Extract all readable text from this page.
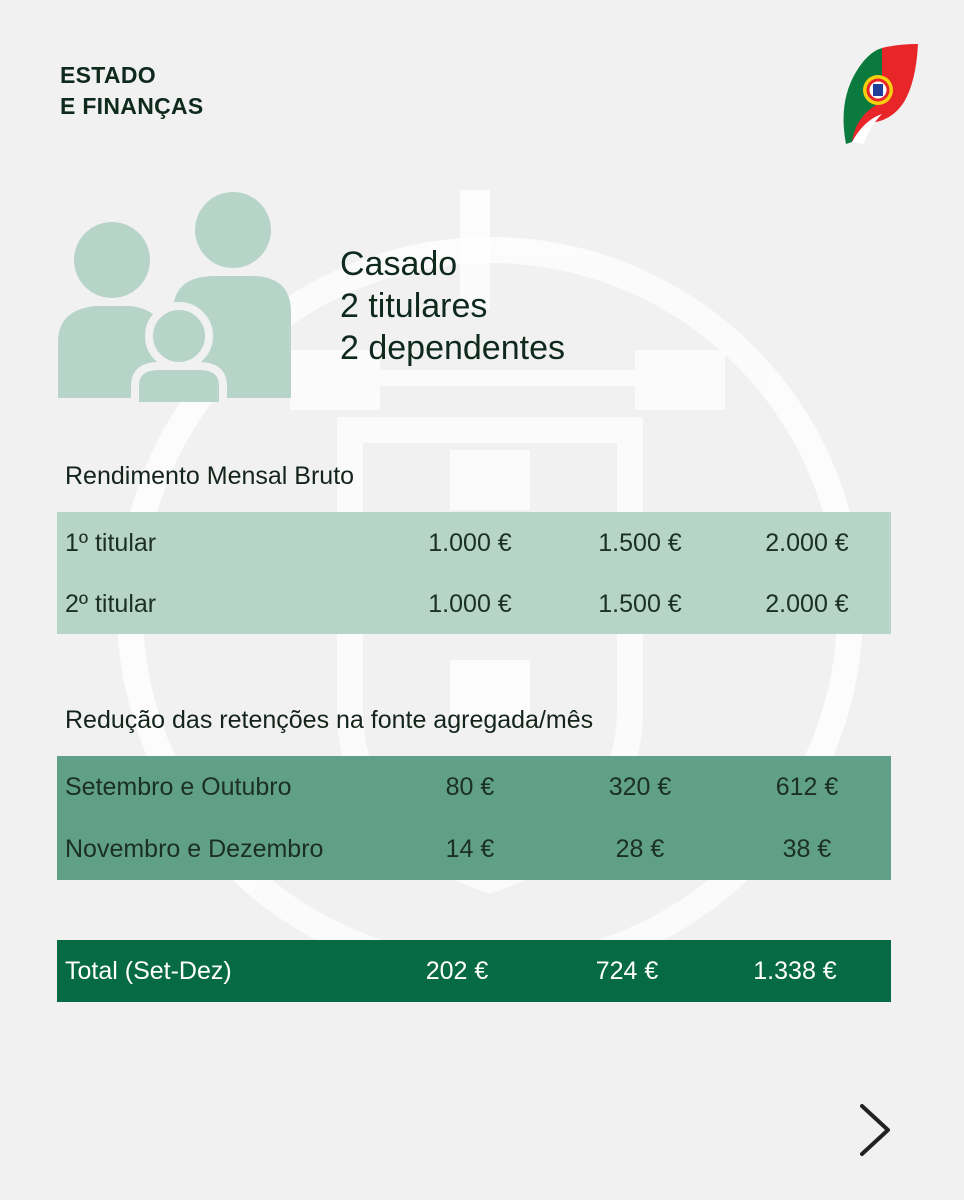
ESTADO
E FINANÇAS
Casado
2 titulares
2 dependentes
Rendimento Mensal Bruto
1º titular	1.000 €	1.500 €	2.000 €
2º titular	1.000 €	1.500 €	2.000 €
Redução das retenções na fonte agregada/mês
Setembro e Outubro	80 €	320 €	612 €
Novembro e Dezembro	14 €	28 €	38 €
Total (Set-Dez)	202 €	724 €	1.338 €
